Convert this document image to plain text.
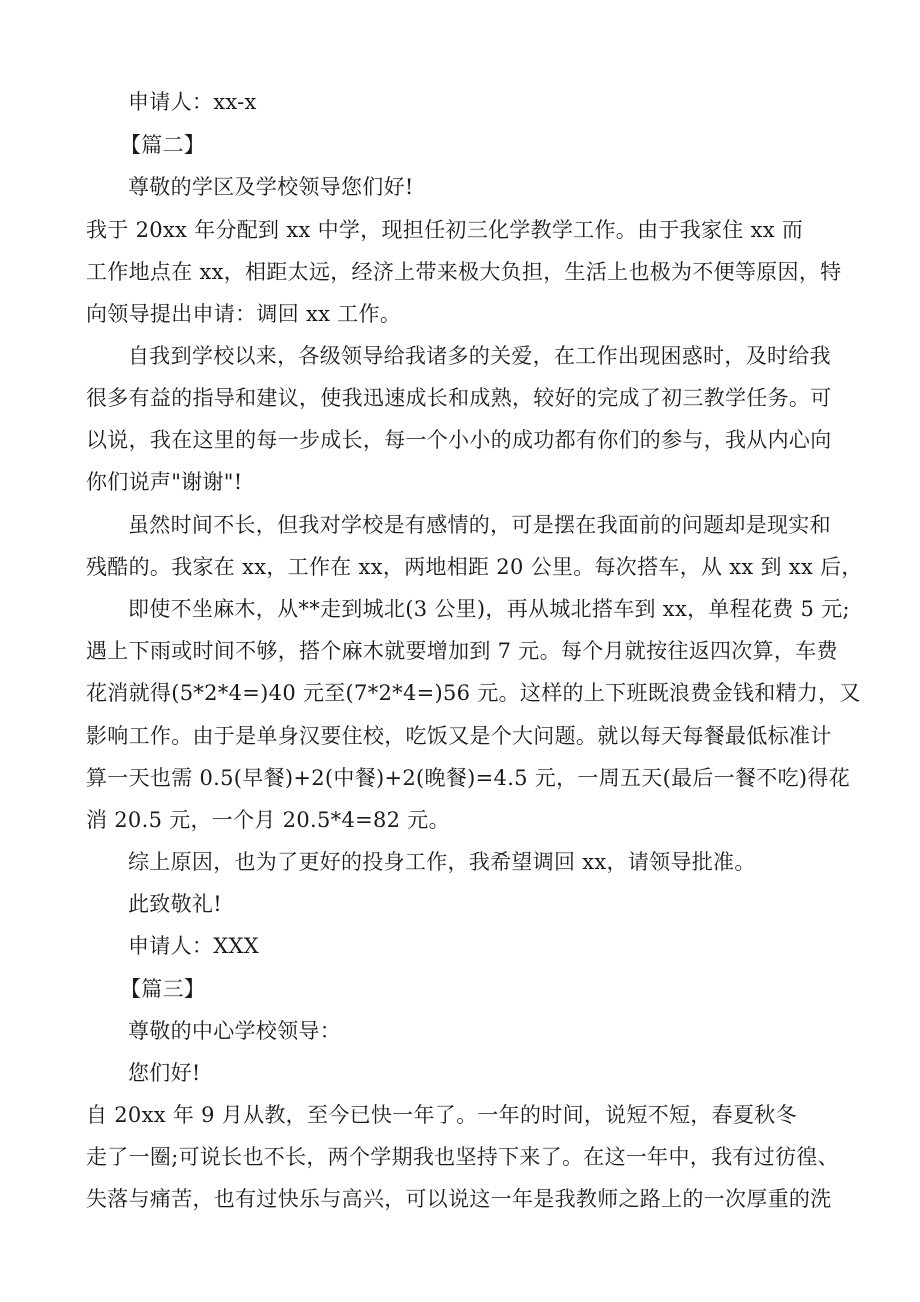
申请人：xx-x
【篇二】
尊敬的学区及学校领导您们好!
我于 20xx 年分配到 xx 中学，现担任初三化学教学工作。由于我家住 xx 而
工作地点在 xx，相距太远，经济上带来极大负担，生活上也极为不便等原因，特
向领导提出申请：调回 xx 工作。
自我到学校以来，各级领导给我诸多的关爱，在工作出现困惑时，及时给我
很多有益的指导和建议，使我迅速成长和成熟，较好的完成了初三教学任务。可
以说，我在这里的每一步成长，每一个小小的成功都有你们的参与，我从内心向
你们说声"谢谢"!
虽然时间不长，但我对学校是有感情的，可是摆在我面前的问题却是现实和
残酷的。我家在 xx，工作在 xx，两地相距 20 公里。每次搭车，从 xx 到 xx 后，
即使不坐麻木，从**走到城北(3 公里)，再从城北搭车到 xx，单程花费 5 元;
遇上下雨或时间不够，搭个麻木就要增加到 7 元。每个月就按往返四次算，车费
花消就得(5*2*4=)40 元至(7*2*4=)56 元。这样的上下班既浪费金钱和精力，又
影响工作。由于是单身汉要住校，吃饭又是个大问题。就以每天每餐最低标准计
算一天也需 0.5(早餐)+2(中餐)+2(晚餐)=4.5 元，一周五天(最后一餐不吃)得花
消 20.5 元，一个月 20.5*4=82 元。
综上原因，也为了更好的投身工作，我希望调回 xx，请领导批准。
此致敬礼!
申请人：XXX
【篇三】
尊敬的中心学校领导：
您们好!
自 20xx 年 9 月从教，至今已快一年了。一年的时间，说短不短，春夏秋冬
走了一圈;可说长也不长，两个学期我也坚持下来了。在这一年中，我有过彷徨、
失落与痛苦，也有过快乐与高兴，可以说这一年是我教师之路上的一次厚重的洗
